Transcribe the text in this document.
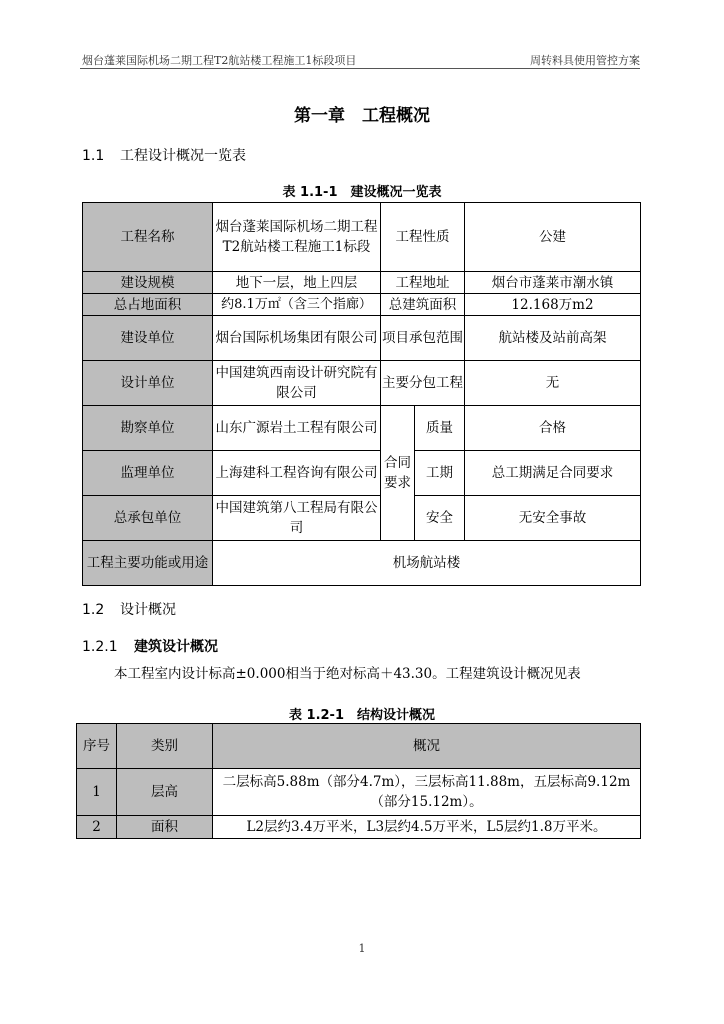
烟台蓬莱国际机场二期工程T2航站楼工程施工1标段项目	周转料具使用管控方案
第一章　工程概况
1.1 工程设计概况一览表
表 1.1-1　建设概况一览表
工程名称	烟台蓬莱国际机场二期工程T2航站楼工程施工1标段	工程性质		公建
建设规模	地下一层，地上四层	工程地址		烟台市蓬莱市潮水镇
总占地面积	约8.1万㎡（含三个指廊）	总建筑面积		12.168万m2
建设单位	烟台国际机场集团有限公司	项目承包范围		航站楼及站前高架
设计单位	中国建筑西南设计研究院有限公司	主要分包工程		无
勘察单位	山东广源岩土工程有限公司	合同要求	质量	合格
监理单位	上海建科工程咨询有限公司		工期	总工期满足合同要求
总承包单位	中国建筑第八工程局有限公司		安全	无安全事故
工程主要功能或用途	机场航站楼			
1.2 设计概况
1.2.1 建筑设计概况
本工程室内设计标高±0.000相当于绝对标高＋43.30。工程建筑设计概况见表
表 1.2-1　结构设计概况
序号	类别	概况
1	层高	二层标高5.88m（部分4.7m），三层标高11.88m，五层标高9.12m（部分15.12m）。
2	面积	L2层约3.4万平米，L3层约4.5万平米，L5层约1.8万平米。
1
